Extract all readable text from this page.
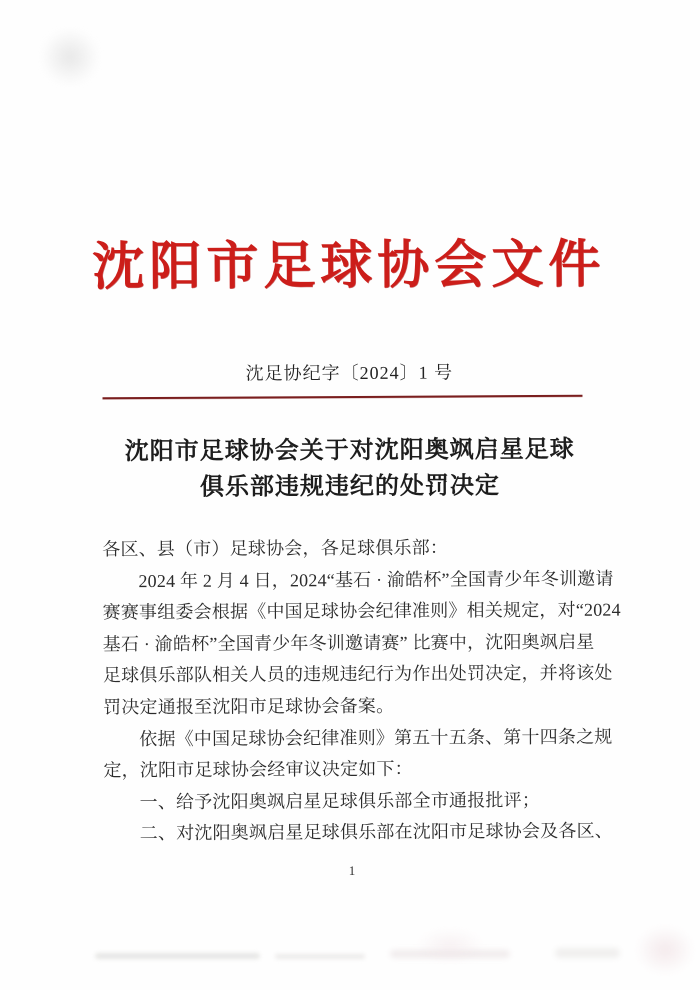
沈阳市足球协会文件
沈足协纪字〔2024〕1 号
沈阳市足球协会关于对沈阳奥飒启星足球
俱乐部违规违纪的处罚决定
各区、县（市）足球协会，各足球俱乐部：
2024 年 2 月 4 日，2024“基石 · 渝皓杯”全国青少年冬训邀请
赛赛事组委会根据《中国足球协会纪律准则》相关规定，对“2024
基石 · 渝皓杯”全国青少年冬训邀请赛” 比赛中，沈阳奥飒启星
足球俱乐部队相关人员的违规违纪行为作出处罚决定，并将该处
罚决定通报至沈阳市足球协会备案。
依据《中国足球协会纪律准则》第五十五条、第十四条之规
定，沈阳市足球协会经审议决定如下：
一、给予沈阳奥飒启星足球俱乐部全市通报批评；
二、对沈阳奥飒启星足球俱乐部在沈阳市足球协会及各区、
1
